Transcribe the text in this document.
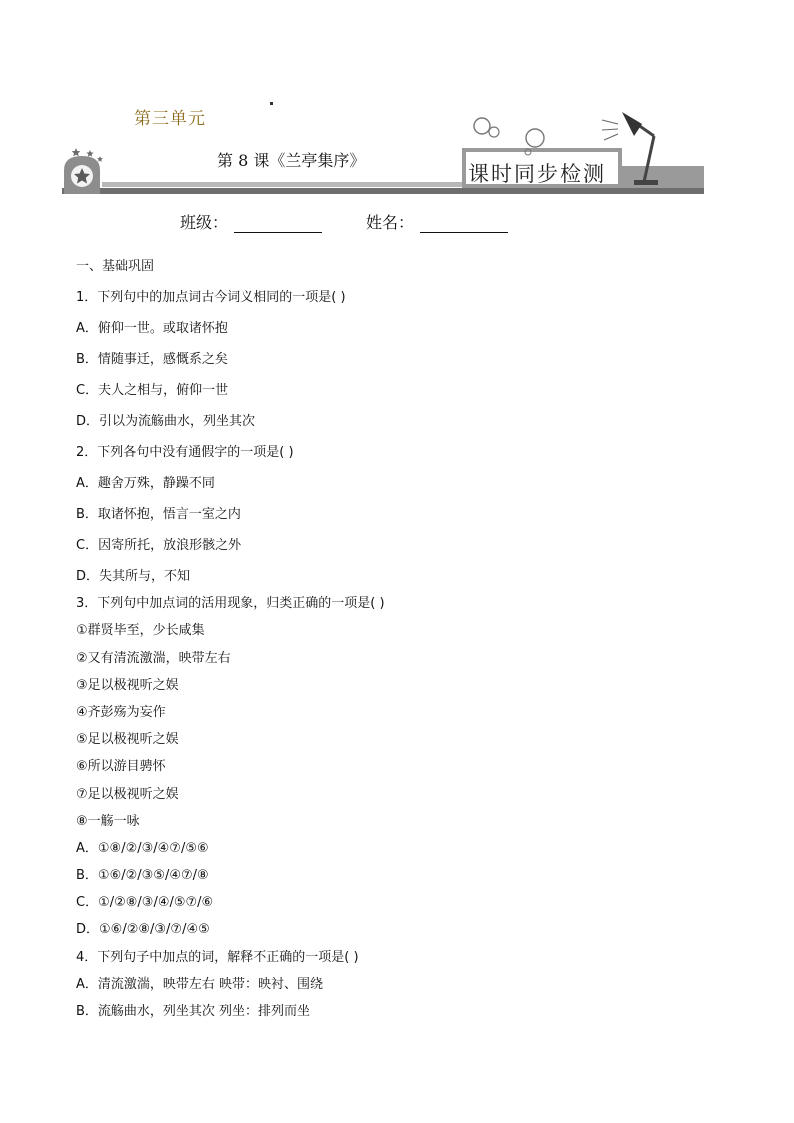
第三单元
第 8 课《兰亭集序》
课时同步检测
班级：	姓名：
一、基础巩固
1．下列句中的加点词古今词义相同的一项是( )
A．俯仰一世。或取诸怀抱
B．情随事迁，感慨系之矣
C．夫人之相与，俯仰一世
D．引以为流觞曲水，列坐其次
2．下列各句中没有通假字的一项是( )
A．趣舍万殊，静躁不同
B．取诸怀抱，悟言一室之内
C．因寄所托，放浪形骸之外
D．失其所与，不知
3．下列句中加点词的活用现象，归类正确的一项是( )
①群贤毕至，少长咸集
②又有清流激湍，映带左右
③足以极视听之娱
④齐彭殇为妄作
⑤足以极视听之娱
⑥所以游目骋怀
⑦足以极视听之娱
⑧一觞一咏
A．①⑧/②/③/④⑦/⑤⑥
B．①⑥/②/③⑤/④⑦/⑧
C．①/②⑧/③/④/⑤⑦/⑥
D．①⑥/②⑧/③/⑦/④⑤
4．下列句子中加点的词，解释不正确的一项是( )
A．清流激湍，映带左右 映带：映衬、围绕
B．流觞曲水，列坐其次 列坐：排列而坐
